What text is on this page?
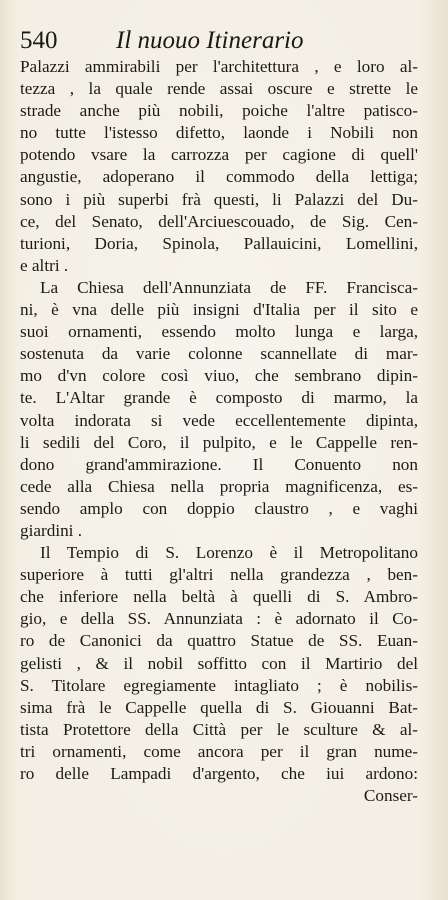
540 Il nuouo Itinerario
Palazzi ammirabili per l'architettura , e loro al-
tezza , la quale rende assai oscure e strette le
strade anche più nobili, poiche l'altre patisco-
no tutte l'istesso difetto, laonde i Nobili non
potendo vsare la carrozza per cagione di quell'
angustie, adoperano il commodo della lettiga;
sono i più superbi frà questi, li Palazzi del Du-
ce, del Senato, dell'Arciuescouado, de Sig. Cen-
turioni, Doria, Spinola, Pallauicini, Lomellini,
e altri .
La Chiesa dell'Annunziata de FF. Franciscа-
ni, è vna delle più insigni d'Italia per il sito e
suoi ornamenti, essendo molto lunga e larga,
sostenuta da varie colonne scannellate di mar-
mo d'vn colore così viuo, che sembrano dipin-
te. L'Altar grande è composto di marmo, la
volta indorata si vede eccellentemente dipinta,
li sedili del Coro, il pulpito, e le Cappelle ren-
dono grand'ammirazione. Il Conuento non
cede alla Chiesa nella propria magnificenza, es-
sendo amplo con doppio claustro , e vaghi
giardini .
Il Tempio di S. Lorenzo è il Metropolitano
superiore à tutti gl'altri nella grandezza , ben-
che inferiore nella beltà à quelli di S. Ambro-
gio, e della SS. Annunziata : è adornato il Co-
ro de Canonici da quattro Statue de SS. Euan-
gelisti , & il nobil soffitto con il Martirio del
S. Titolare egregiamente intagliato ; è nobilis-
sima frà le Cappelle quella di S. Giouanni Bat-
tista Protettore della Città per le sculture & al-
tri ornamenti, come ancora per il gran nume-
ro delle Lampadi d'argento, che iui ardono:
Conser-
